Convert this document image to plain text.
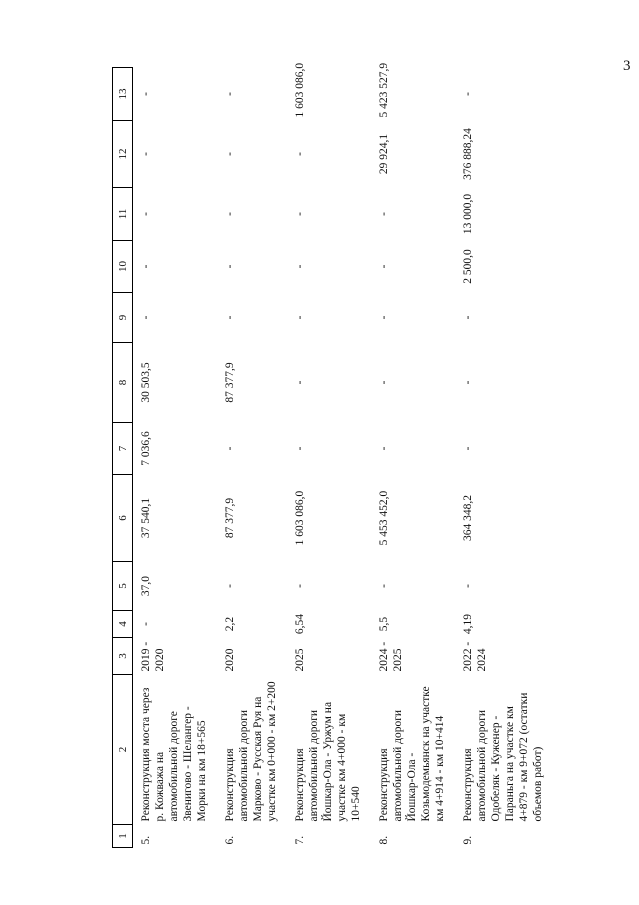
3
1	2	3	4	5	6	7	8	9	10	11	12	13
5.	Реконструкция моста через р. Кожважа на автомобильной дороге Звенигово - Шелангер - Морки на км 18+565	2019 - 2020	-	37,0	37 540,1	7 036,6	30 503,5	-	-	-	-	-
6.	Реконструкция автомобильной дороги Марково - Русская Руя на участке км 0+000 - км 2+200	2020	2,2	-	87 377,9	-	87 377,9	-	-	-	-	-
7.	Реконструкция автомобильной дороги Йошкар-Ола - Уржум на участке км 4+000 - км 10+540	2025	6,54	-	1 603 086,0	-	-	-	-	-	-	1 603 086,0
8.	Реконструкция автомобильной дороги Йошкар-Ола - Козьмодемьянск на участке км 4+914 - км 10+414	2024 - 2025	5,5	-	5 453 452,0	-	-	-	-	-	29 924,1	5 423 527,9
9.	Реконструкция автомобильной дороги Одобеляк - Куженер - Параньга на участке км 4+879 - км 9+072 (остатки объемов работ)	2022 - 2024	4,19	-	364 348,2	-	-	-	2 500,0	13 000,0	376 888,24	-
